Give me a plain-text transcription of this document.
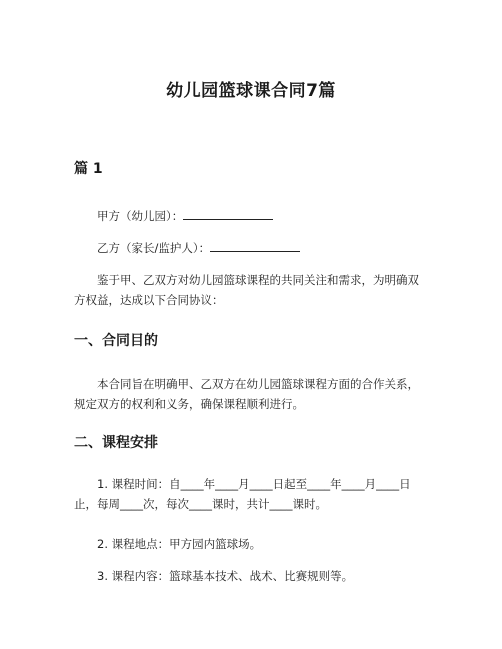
幼儿园篮球课合同7篇
篇 1

甲方（幼儿园）：

乙方（家长/监护人）：

鉴于甲、乙双方对幼儿园篮球课程的共同关注和需求，为明确双方权益，达成以下合同协议：

一、合同目的

本合同旨在明确甲、乙双方在幼儿园篮球课程方面的合作关系，规定双方的权利和义务，确保课程顺利进行。

二、课程安排

1. 课程时间：自____年____月____日起至____年____月____日止，每周____次，每次____课时，共计____课时。

2. 课程地点：甲方园内篮球场。

3. 课程内容：篮球基本技术、战术、比赛规则等。
